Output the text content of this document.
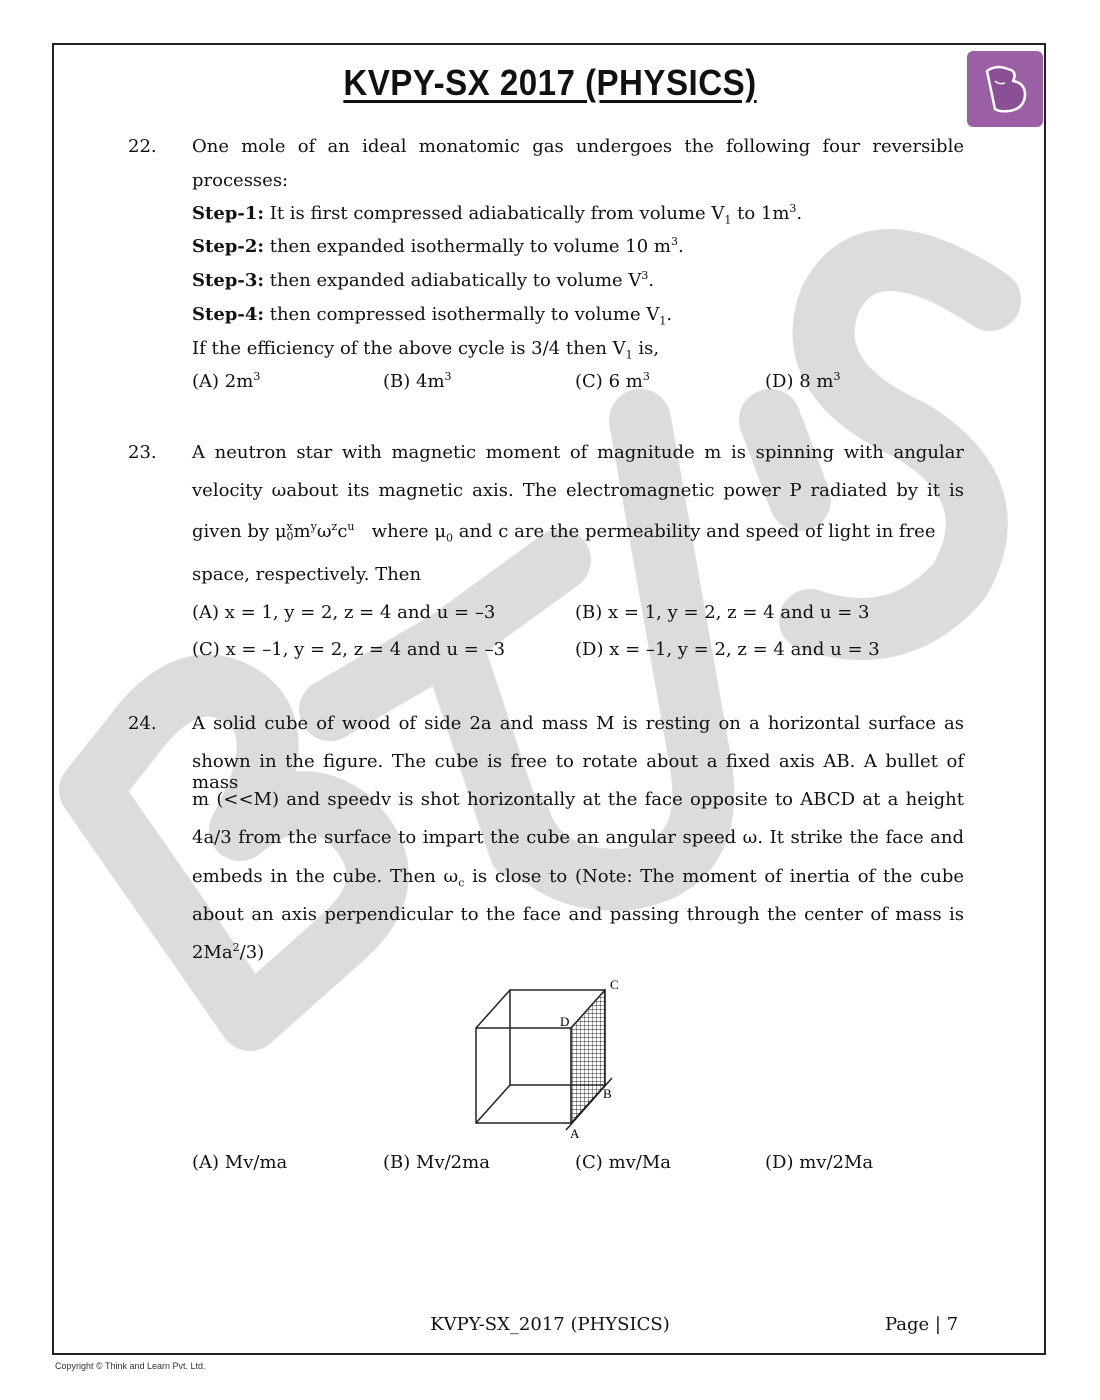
KVPY-SX 2017 (PHYSICS)
22. One mole of an ideal monatomic gas undergoes the following four reversible
processes:
Step-1: It is first compressed adiabatically from volume $V_1$ to $1m^3$.
Step-2: then expanded isothermally to volume 10 $m^3$.
Step-3: then expanded adiabatically to volume $V^3$.
Step-4: then compressed isothermally to volume $V_1$.
If the efficiency of the above cycle is 3/4 then $V_1$ is,
(A) $2m^3$	(B) $4m^3$	(C) 6 $m^3$	(D) 8 $m^3$
23. A neutron star with magnetic moment of magnitude m is spinning with angular
velocity ωabout its magnetic axis. The electromagnetic power P radiated by it is
given by μ x
0 $m^y\omega^zc^u$   where $\mu_0$ and c are the permeability and speed of light in free
space, respectively. Then
(A) x = 1, y = 2, z = 4 and u = –3	(B) x = 1, y = 2, z = 4 and u = 3
(C) x = –1, y = 2, z = 4 and u = –3	(D) x = –1, y = 2, z = 4 and u = 3
24. A solid cube of wood of side 2a and mass M is resting on a horizontal surface as
shown in the figure. The cube is free to rotate about a fixed axis AB. A bullet of mass
m (<<M) and speedv is shot horizontally at the face opposite to ABCD at a height
4a/3 from the surface to impart the cube an angular speed ω. It strike the face and
embeds in the cube. Then $\omega_c$ is close to (Note: The moment of inertia of the cube
about an axis perpendicular to the face and passing through the center of mass is
2Ma$^2$/3)
C
D
B
A
(A) Mv/ma	(B) Mv/2ma	(C) mv/Ma	(D) mv/2Ma
KVPY-SX_2017 (PHYSICS)	Page | 7
Copyright © Think and Learn Pvt. Ltd.
